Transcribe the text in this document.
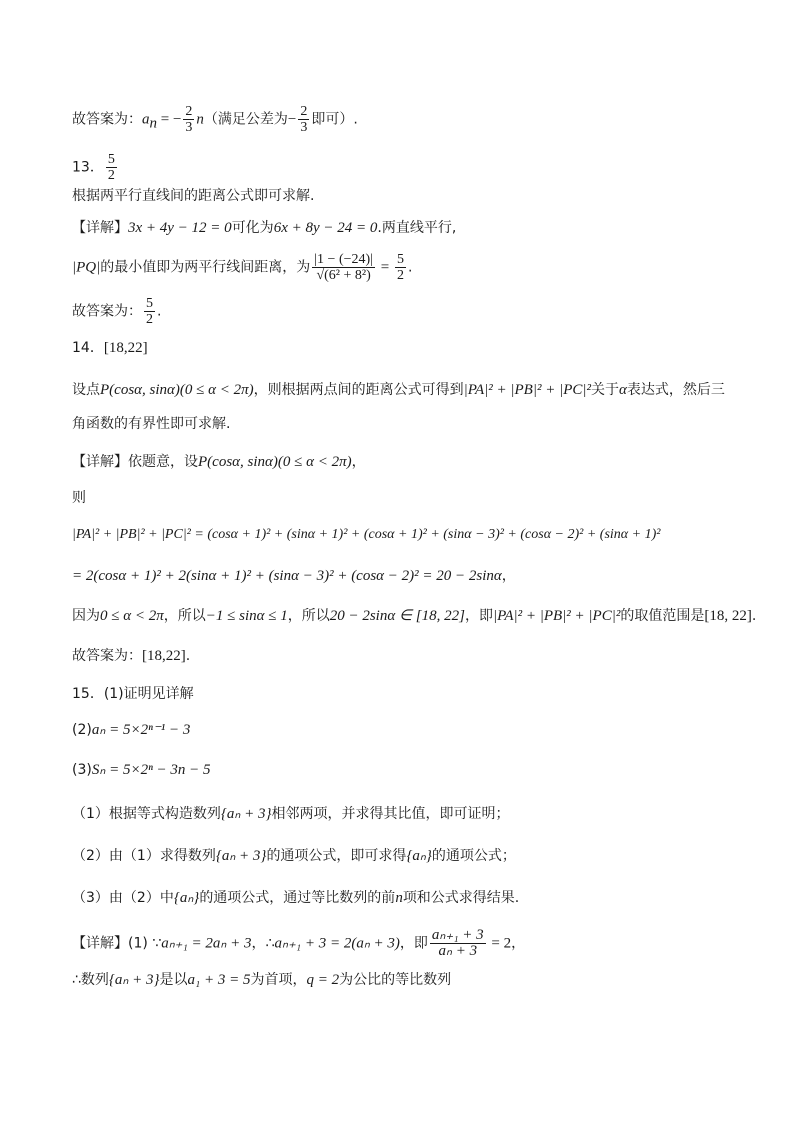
故答案为：$a_n$ = − $\frac{2}{3} n$（满足公差为− $\frac{2}{3}$ 即可）.
13． $\frac{5}{2}$
根据两平行直线间的距离公式即可求解.
【详解】3x + 4y − 12 = 0可化为6x + 8y − 24 = 0.两直线平行,
|PQ|的最小值即为两平行线间距离，为 $\frac{|1 - (-24)|}{\text{√(6² + 8²)}} = \frac{5}{2}$ .
故答案为： $\frac{5}{2}$ .
14．[18,22]
设点P(cosα, sinα)(0 ≤ α < 2π)，则根据两点间的距离公式可得到|PA|² + |PB|² + |PC|²关于α表达式，然后三
角函数的有界性即可求解.
【详解】依题意，设P(cosα, sinα)(0 ≤ α < 2π)，
则
|PA|² + |PB|² + |PC|² = (cosα + 1)² + (sinα + 1)² + (cosα + 1)² + (sinα − 3)² + (cosα − 2)² + (sinα + 1)²
= 2(cosα + 1)² + 2(sinα + 1)² + (sinα − 3)² + (cosα − 2)² = 20 − 2sinα，
因为0 ≤ α < 2π，所以−1 ≤ sinα ≤ 1，所以20 − 2sinα ∈ [18, 22]，即|PA|² + |PB|² + |PC|²的取值范围是[18, 22].
故答案为：[18,22].
15．(1)证明见详解
(2)aₙ = 5×2ⁿ⁻¹ − 3
(3)Sₙ = 5×2ⁿ − 3n − 5
（1）根据等式构造数列{aₙ + 3}相邻两项，并求得其比值，即可证明；
（2）由（1）求得数列{aₙ + 3}的通项公式，即可求得{aₙ}的通项公式；
（3）由（2）中{aₙ}的通项公式，通过等比数列的前n项和公式求得结果.
【详解】(1) ∵aₙ₊₁ = 2aₙ + 3，∴aₙ₊₁ + 3 = 2(aₙ + 3)，即 $\frac{\text{aₙ₊₁ + 3}}{\text{aₙ + 3}} = 2$，
∴数列{aₙ + 3}是以a₁ + 3 = 5为首项，q = 2为公比的等比数列
